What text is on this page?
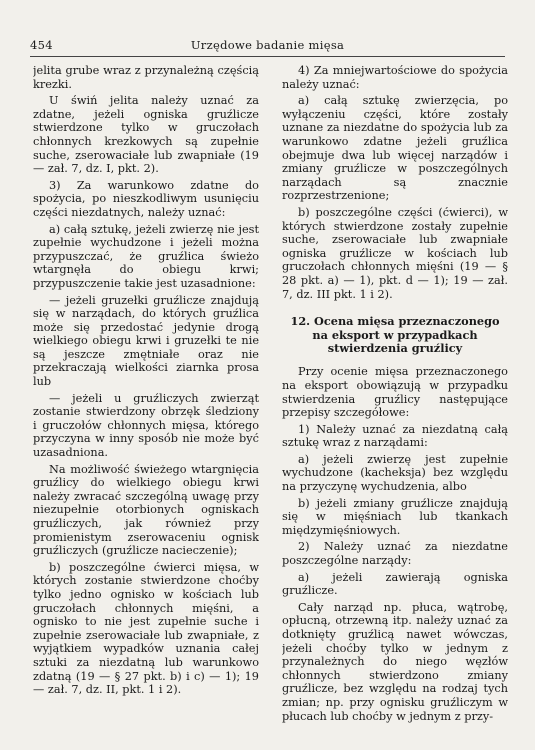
454	Urzędowe badanie mięsa

jelita grube wraz z przynależną częścią krezki.

U świń jelita należy uznać za zdatne, jeżeli ogniska gruźlicze stwierdzone tylko w gruczołach chłonnych krezkowych są zupełnie suche, zserowaciałe lub zwapniałe (19 — zał. 7, dz. I, pkt. 2).

3) Za warunkowo zdatne do spożycia, po nieszkodliwym usunięciu części niezdatnych, należy uznać:

a) całą sztukę, jeżeli zwierzę nie jest zupełnie wychudzone i jeżeli można przypuszczać, że gruźlica świeżo wtargnęła do obiegu krwi; przypuszczenie takie jest uzasadnione:

— jeżeli gruzełki gruźlicze znajdują się w narządach, do których gruźlica może się przedostać jedynie drogą wielkiego obiegu krwi i gruzełki te nie są jeszcze zmętniałe oraz nie przekraczają wielkości ziarnka prosa lub

— jeżeli u gruźliczych zwierząt zostanie stwierdzony obrzęk śledziony i gruczołów chłonnych mięsa, którego przyczyna w inny sposób nie może być uzasadniona.

Na możliwość świeżego wtargnięcia gruźlicy do wielkiego obiegu krwi należy zwracać szczególną uwagę przy niezupełnie otorbionych ogniskach gruźliczych, jak również przy promienistym zserowaceniu ognisk gruźliczych (gruźlicze nacieczenie);

b) poszczególne ćwierci mięsa, w których zostanie stwierdzone choćby tylko jedno ognisko w kościach lub gruczołach chłonnych mięśni, a ognisko to nie jest zupełnie suche i zupełnie zserowaciałe lub zwapniałe, z wyjątkiem wypadków uznania całej sztuki za niezdatną lub warunkowo zdatną (19 — § 27 pkt. b) i c) — 1); 19 — zał. 7, dz. II, pkt. 1 i 2).

4) Za mniejwartościowe do spożycia należy uznać:

a) całą sztukę zwierzęcia, po wyłączeniu części, które zostały uznane za niezdatne do spożycia lub za warunkowo zdatne jeżeli gruźlica obejmuje dwa lub więcej narządów i zmiany gruźlicze w poszczególnych narządach są znacznie rozprzestrzenione;

b) poszczególne części (ćwierci), w których stwierdzone zostały zupełnie suche, zserowaciałe lub zwapniałe ogniska gruźlicze w kościach lub gruczołach chłonnych mięśni (19 — § 28 pkt. a) — 1), pkt. d — 1); 19 — zał. 7, dz. III pkt. 1 i 2).

12. Ocena mięsa przeznaczonego na eksport w przypadkach stwierdzenia gruźlicy

Przy ocenie mięsa przeznaczonego na eksport obowiązują w przypadku stwierdzenia gruźlicy następujące przepisy szczegółowe:

1) Należy uznać za niezdatną całą sztukę wraz z narządami:

a) jeżeli zwierzę jest zupełnie wychudzone (kacheksja) bez względu na przyczynę wychudzenia, albo

b) jeżeli zmiany gruźlicze znajdują się w mięśniach lub tkankach międzymięśniowych.

2) Należy uznać za niezdatne poszczególne narządy:

a) jeżeli zawierają ogniska gruźlicze.

Cały narząd np. płuca, wątrobę, opłucną, otrzewną itp. należy uznać za dotknięty gruźlicą nawet wówczas, jeżeli choćby tylko w jednym z przynależnych do niego węzłów chłonnych stwierdzono zmiany gruźlicze, bez względu na rodzaj tych zmian; np. przy ognisku gruźliczym w płucach lub choćby w jednym z przy-
